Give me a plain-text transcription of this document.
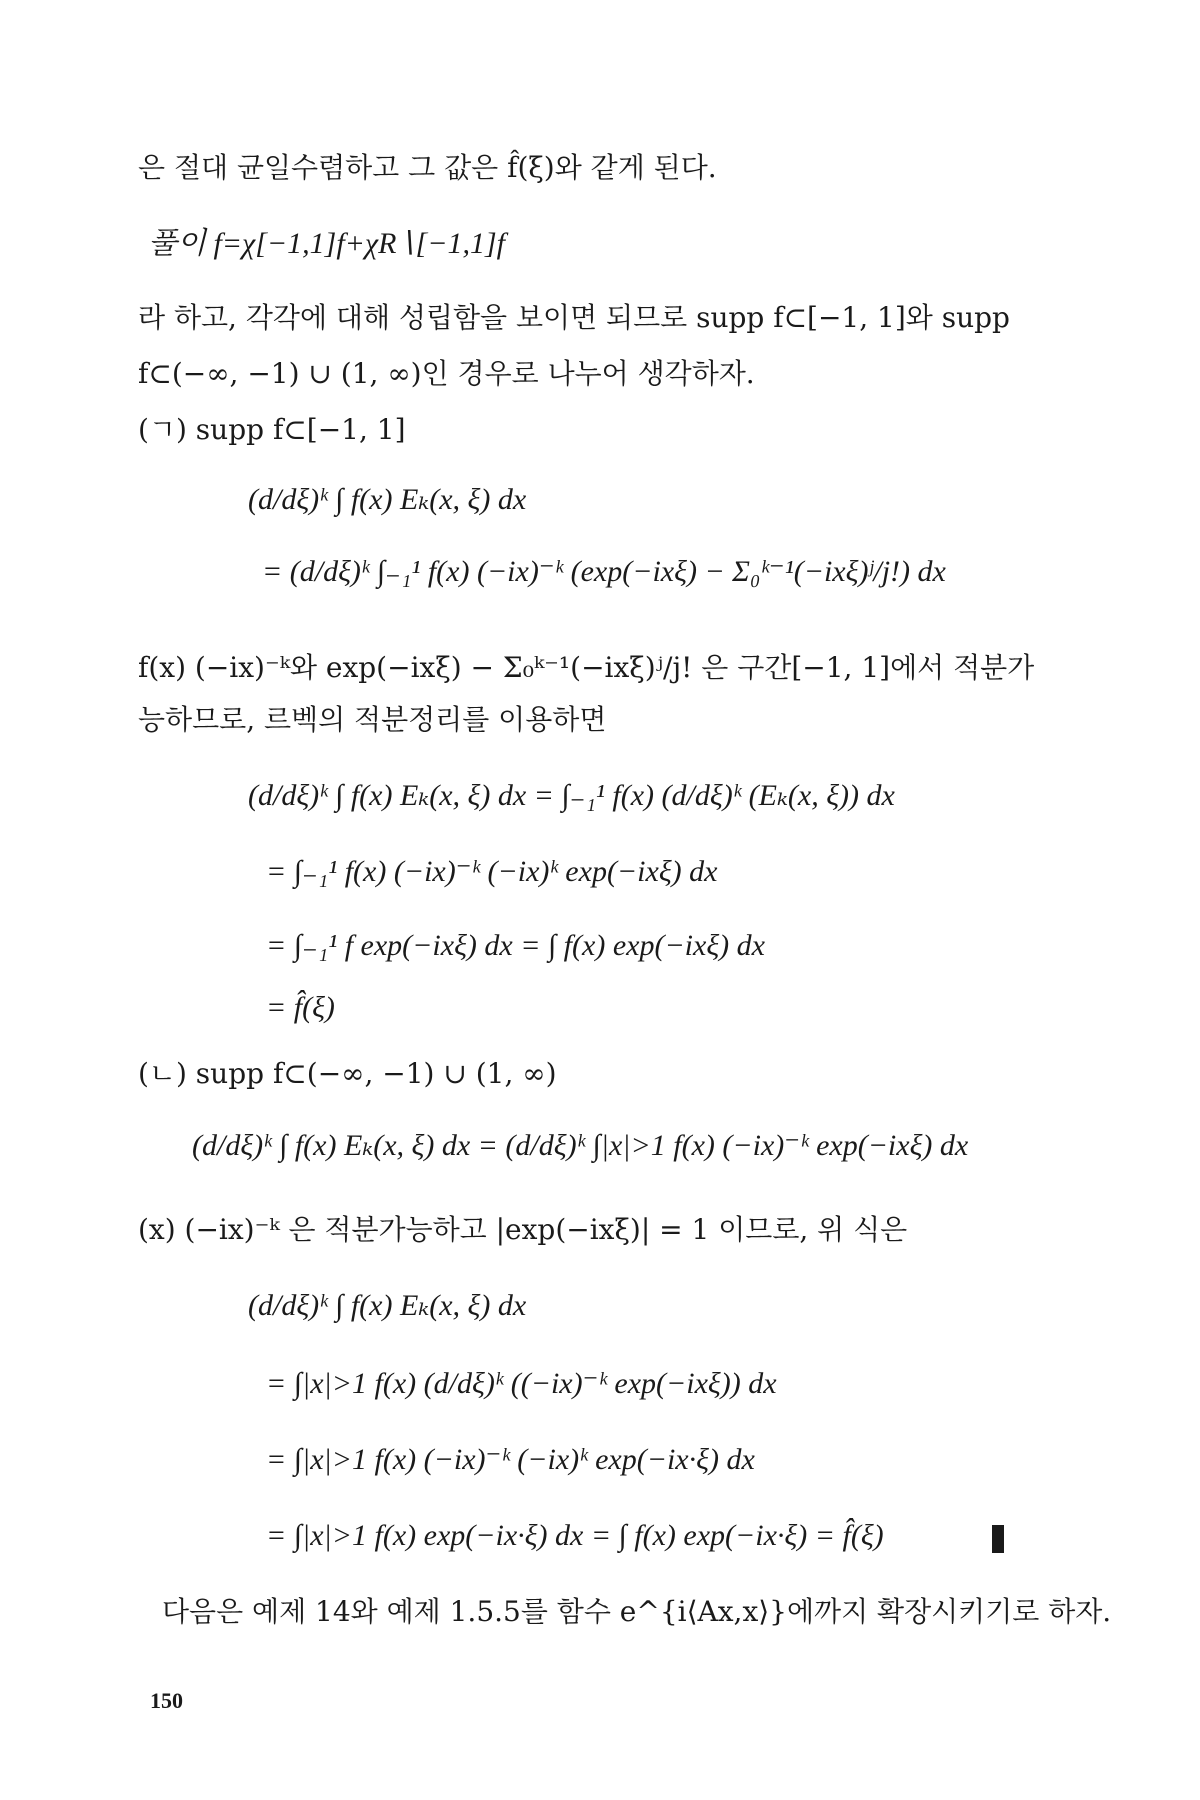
은 절대 균일수렴하고 그 값은 f̂(ξ)와 같게 된다.
풀이 f=χ[−1,1]f+χR∖[−1,1]f
라 하고, 각각에 대해 성립함을 보이면 되므로 supp f⊂[−1, 1]와 supp
f⊂(−∞, −1) ∪ (1, ∞)인 경우로 나누어 생각하자.
(ㄱ) supp f⊂[−1, 1]
(d/dξ)ᵏ ∫ f(x) Eₖ(x, ξ) dx
= (d/dξ)ᵏ ∫₋₁¹ f(x) (−ix)⁻ᵏ (exp(−ixξ) − Σ₀ᵏ⁻¹(−ixξ)ʲ/j!) dx
f(x) (−ix)⁻ᵏ와 exp(−ixξ) − Σ₀ᵏ⁻¹(−ixξ)ʲ/j! 은 구간[−1, 1]에서 적분가
능하므로, 르벡의 적분정리를 이용하면
(d/dξ)ᵏ ∫ f(x) Eₖ(x, ξ) dx = ∫₋₁¹ f(x) (d/dξ)ᵏ (Eₖ(x, ξ)) dx
= ∫₋₁¹ f(x) (−ix)⁻ᵏ (−ix)ᵏ exp(−ixξ) dx
= ∫₋₁¹ f exp(−ixξ) dx = ∫ f(x) exp(−ixξ) dx
= f̂(ξ)
(ㄴ) supp f⊂(−∞, −1) ∪ (1, ∞)
(d/dξ)ᵏ ∫ f(x) Eₖ(x, ξ) dx = (d/dξ)ᵏ ∫|x|>1 f(x) (−ix)⁻ᵏ exp(−ixξ) dx
(x) (−ix)⁻ᵏ 은 적분가능하고 |exp(−ixξ)| = 1 이므로, 위 식은
(d/dξ)ᵏ ∫ f(x) Eₖ(x, ξ) dx
= ∫|x|>1 f(x) (d/dξ)ᵏ ((−ix)⁻ᵏ exp(−ixξ)) dx
= ∫|x|>1 f(x) (−ix)⁻ᵏ (−ix)ᵏ exp(−ix·ξ) dx
= ∫|x|>1 f(x) exp(−ix·ξ) dx = ∫ f(x) exp(−ix·ξ) = f̂(ξ)
다음은 예제 14와 예제 1.5.5를 함수 e^{i⟨Ax,x⟩}에까지 확장시키기로 하자.
150
